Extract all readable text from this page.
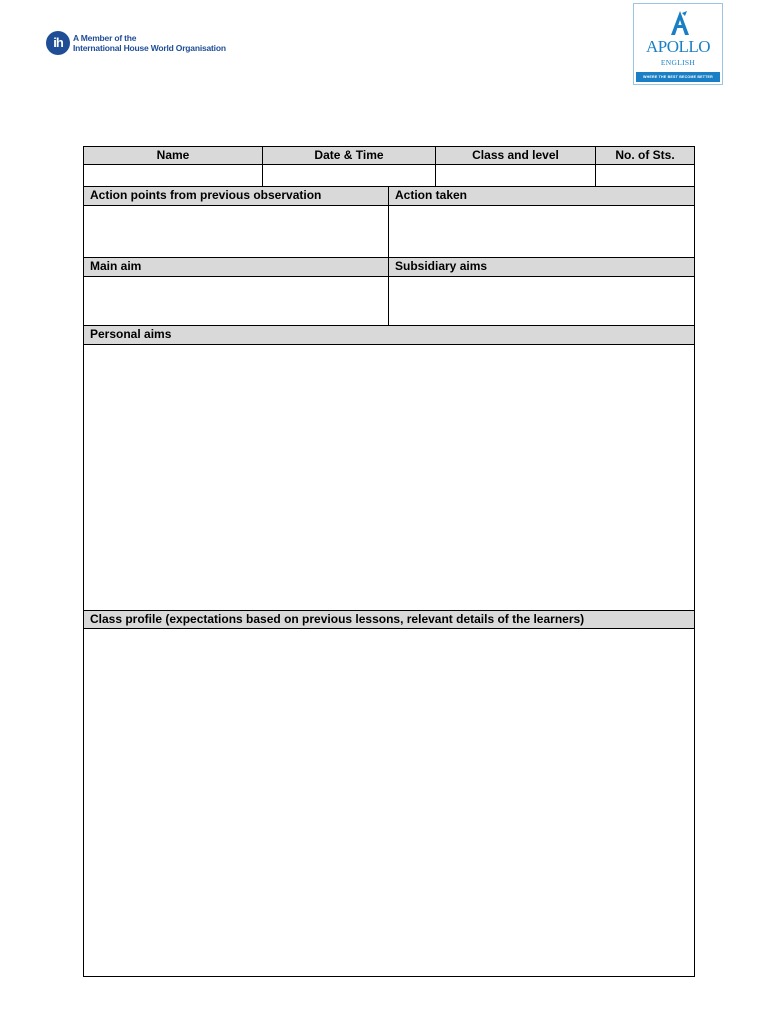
ih	A Member of the
International House World Organisation	APOLLO
ENGLISH
WHERE THE BEST BECOME BETTER
Name	Date & Time	Class and level	No. of Sts.
Action points from previous observation	Action taken
Main aim	Subsidiary aims
Personal aims
Class profile (expectations based on previous lessons, relevant details of the learners)
